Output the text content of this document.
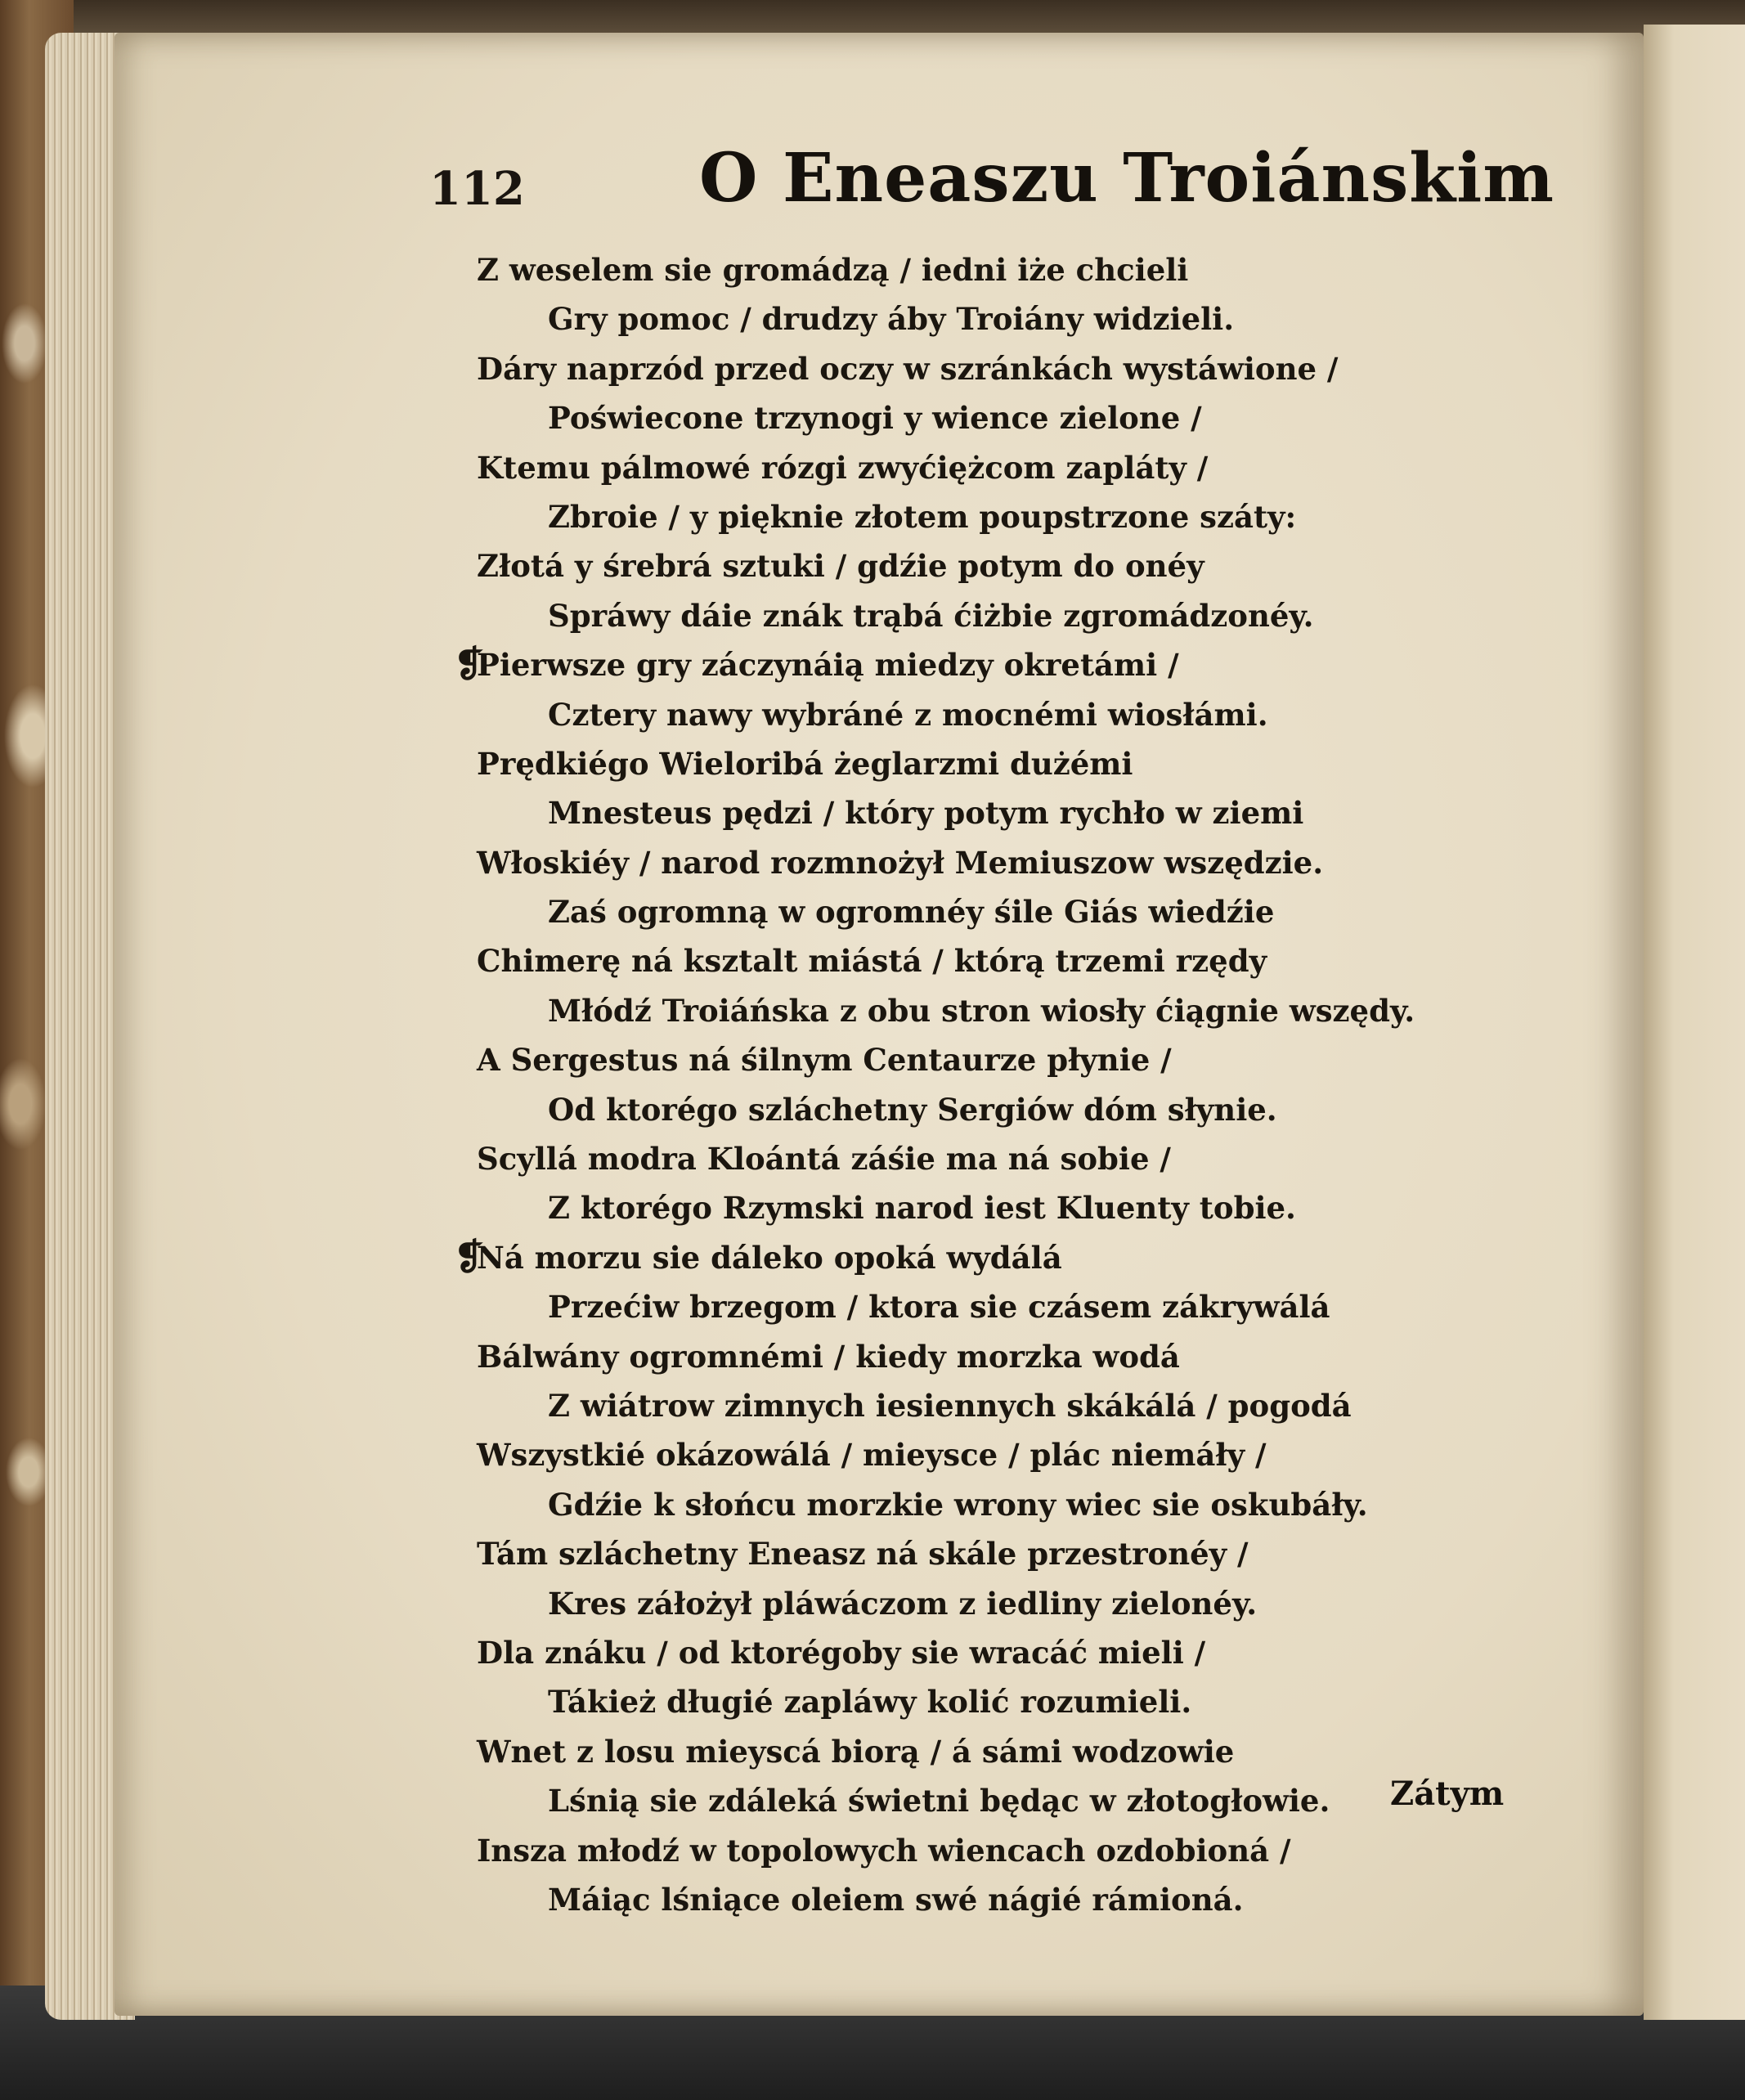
112	O Eneaszu Troiánskim
Z weselem sie gromádzą / iedni iże chcieli
Gry pomoc / drudzy áby Troiány widzieli.
Dáry naprzód przed oczy w szránkách wystáwione /
Poświecone trzynogi y wience zielone /
Ktemu pálmowé rózgi zwyćiężcom zapláty /
Zbroie / y pięknie złotem poupstrzone száty:
Złotá y śrebrá sztuki / gdźie potym do onéy
Spráwy dáie znák trąbá ćiżbie zgromádzonéy.
❡
Pierwsze gry záczynáią miedzy okretámi /
Cztery nawy wybráné z mocnémi wiosłámi.
Prędkiégo Wieloribá żeglarzmi dużémi
Mnesteus pędzi / który potym rychło w ziemi
Włoskiéy / narod rozmnożył Memiuszow wszędzie.
Zaś ogromną w ogromnéy śile Giás wiedźie
Chimerę ná ksztalt miástá / którą trzemi rzędy
Młódź Troiáńska z obu stron wiosły ćiągnie wszędy.
A Sergestus ná śilnym Centaurze płynie /
Od ktorégo szláchetny Sergiów dóm słynie.
Scyllá modra Kloántá záśie ma ná sobie /
Z ktorégo Rzymski narod iest Kluenty tobie.
❡
Ná morzu sie dáleko opoká wydálá
Przećiw brzegom / ktora sie czásem zákrywálá
Bálwány ogromnémi / kiedy morzka wodá
Z wiátrow zimnych iesiennych skákálá / pogodá
Wszystkié okázowálá / mieysce / plác niemáły /
Gdźie k słońcu morzkie wrony wiec sie oskubáły.
Tám szláchetny Eneasz ná skále przestronéy /
Kres záłożył pláwáczom z iedliny zielonéy.
Dla znáku / od ktorégoby sie wracáć mieli /
Tákież długié zapláwy kolić rozumieli.
Wnet z losu mieyscá biorą / á sámi wodzowie
Lśnią sie zdáleká świetni będąc w złotogłowie.
Insza młodź w topolowych wiencach ozdobioná /
Máiąc lśniące oleiem swé nágié rámioná.
Zátym
